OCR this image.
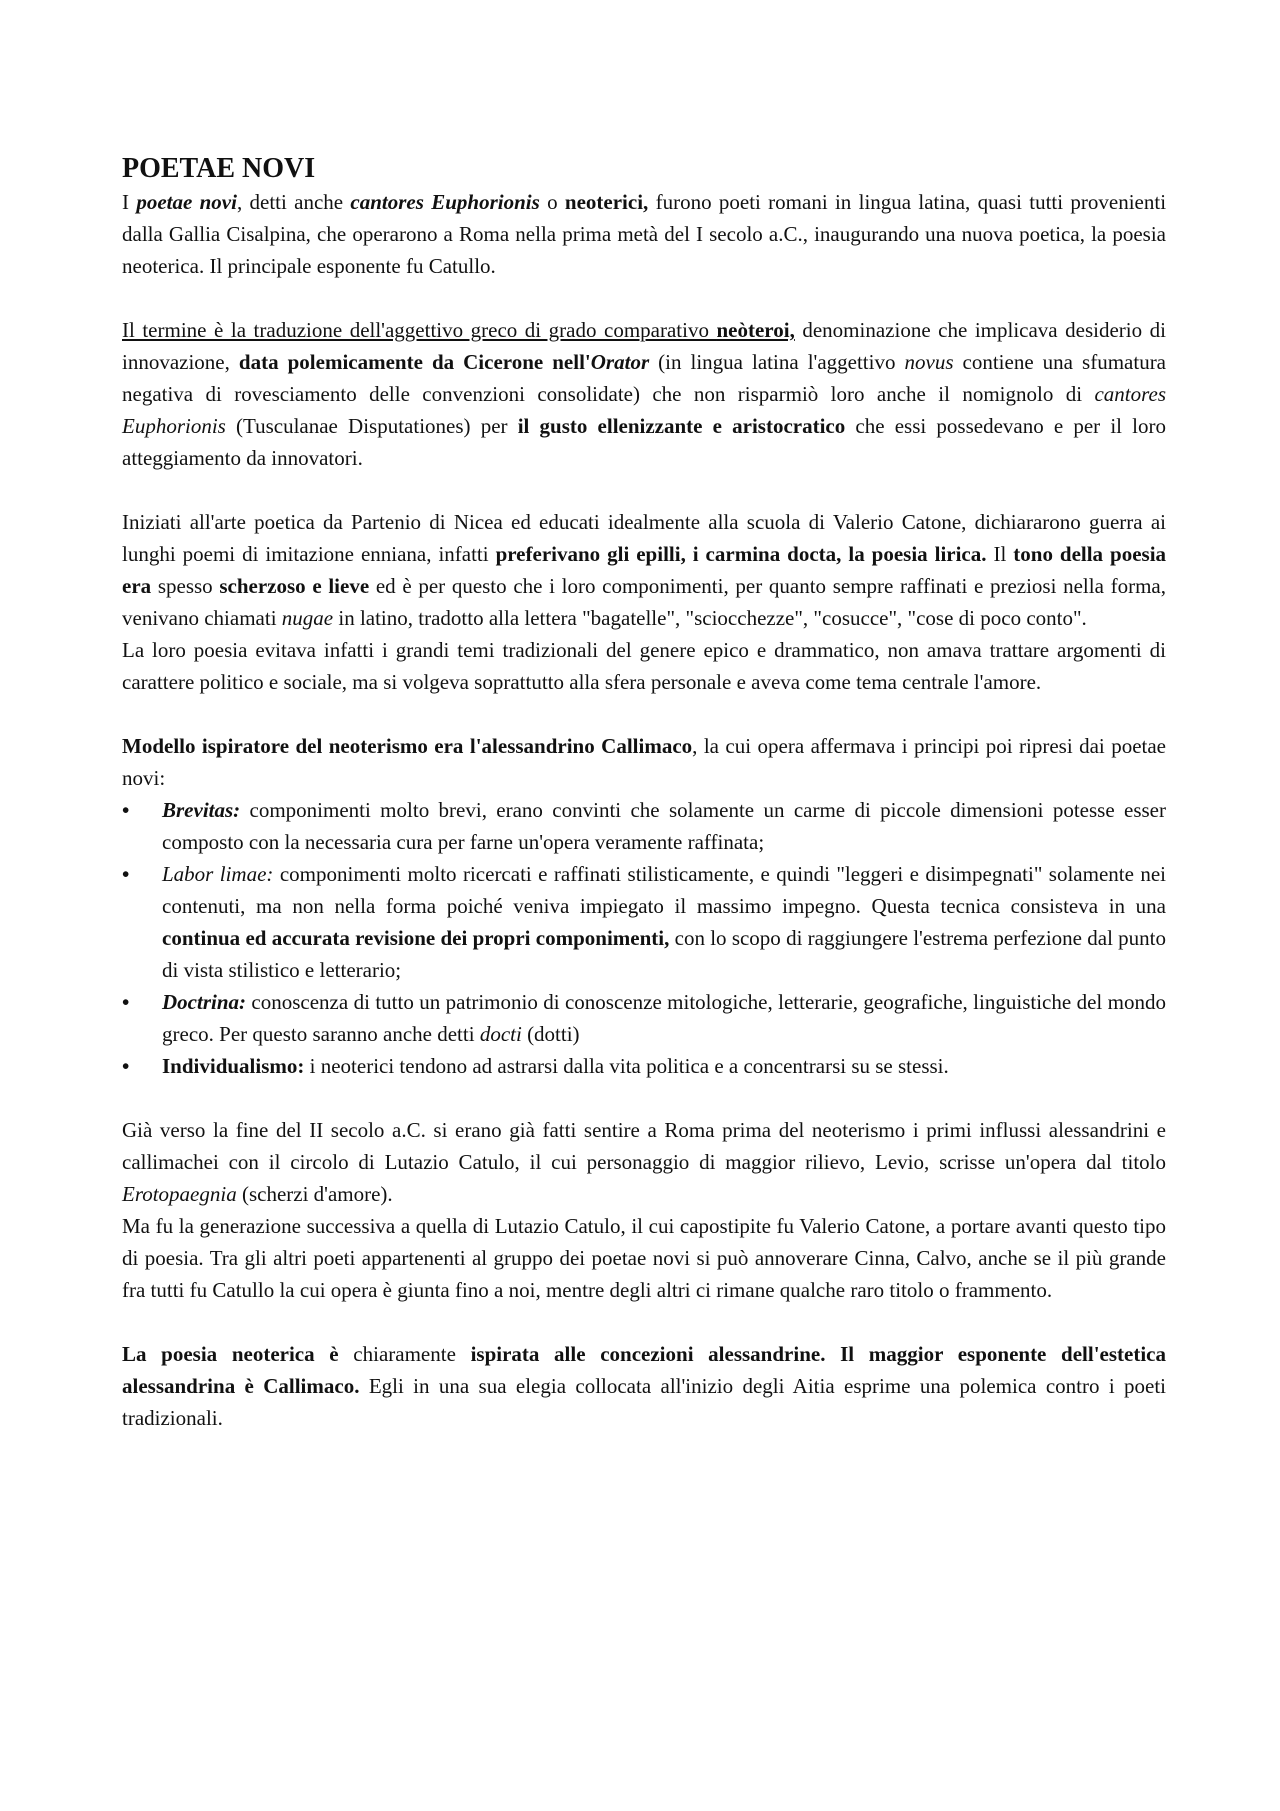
POETAE NOVI

I poetae novi, detti anche cantores Euphorionis o neoterici, furono poeti romani in lingua latina, quasi tutti provenienti dalla Gallia Cisalpina, che operarono a Roma nella prima metà del I secolo a.C., inaugurando una nuova poetica, la poesia neoterica. Il principale esponente fu Catullo.

Il termine è la traduzione dell'aggettivo greco di grado comparativo neòteroi, denominazione che implicava desiderio di innovazione, data polemicamente da Cicerone nell'Orator (in lingua latina l'aggettivo novus contiene una sfumatura negativa di rovesciamento delle convenzioni consolidate) che non risparmiò loro anche il nomignolo di cantores Euphorionis (Tusculanae Disputationes) per il gusto ellenizzante e aristocratico che essi possedevano e per il loro atteggiamento da innovatori.

Iniziati all'arte poetica da Partenio di Nicea ed educati idealmente alla scuola di Valerio Catone, dichiararono guerra ai lunghi poemi di imitazione enniana, infatti preferivano gli epilli, i carmina docta, la poesia lirica. Il tono della poesia era spesso scherzoso e lieve ed è per questo che i loro componimenti, per quanto sempre raffinati e preziosi nella forma, venivano chiamati nugae in latino, tradotto alla lettera "bagatelle", "sciocchezze", "cosucce", "cose di poco conto".

La loro poesia evitava infatti i grandi temi tradizionali del genere epico e drammatico, non amava trattare argomenti di carattere politico e sociale, ma si volgeva soprattutto alla sfera personale e aveva come tema centrale l'amore.

Modello ispiratore del neoterismo era l'alessandrino Callimaco, la cui opera affermava i principi poi ripresi dai poetae novi:

• Brevitas: componimenti molto brevi, erano convinti che solamente un carme di piccole dimensioni potesse esser composto con la necessaria cura per farne un'opera veramente raffinata;
• Labor limae: componimenti molto ricercati e raffinati stilisticamente, e quindi "leggeri e disimpegnati" solamente nei contenuti, ma non nella forma poiché veniva impiegato il massimo impegno. Questa tecnica consisteva in una continua ed accurata revisione dei propri componimenti, con lo scopo di raggiungere l'estrema perfezione dal punto di vista stilistico e letterario;
• Doctrina: conoscenza di tutto un patrimonio di conoscenze mitologiche, letterarie, geografiche, linguistiche del mondo greco. Per questo saranno anche detti docti (dotti)
• Individualismo: i neoterici tendono ad astrarsi dalla vita politica e a concentrarsi su se stessi.

Già verso la fine del II secolo a.C. si erano già fatti sentire a Roma prima del neoterismo i primi influssi alessandrini e callimachei con il circolo di Lutazio Catulo, il cui personaggio di maggior rilievo, Levio, scrisse un'opera dal titolo Erotopaegnia (scherzi d'amore).

Ma fu la generazione successiva a quella di Lutazio Catulo, il cui capostipite fu Valerio Catone, a portare avanti questo tipo di poesia. Tra gli altri poeti appartenenti al gruppo dei poetae novi si può annoverare Cinna, Calvo, anche se il più grande fra tutti fu Catullo la cui opera è giunta fino a noi, mentre degli altri ci rimane qualche raro titolo o frammento.

La poesia neoterica è chiaramente ispirata alle concezioni alessandrine. Il maggior esponente dell'estetica alessandrina è Callimaco. Egli in una sua elegia collocata all'inizio degli Aitia esprime una polemica contro i poeti tradizionali.
